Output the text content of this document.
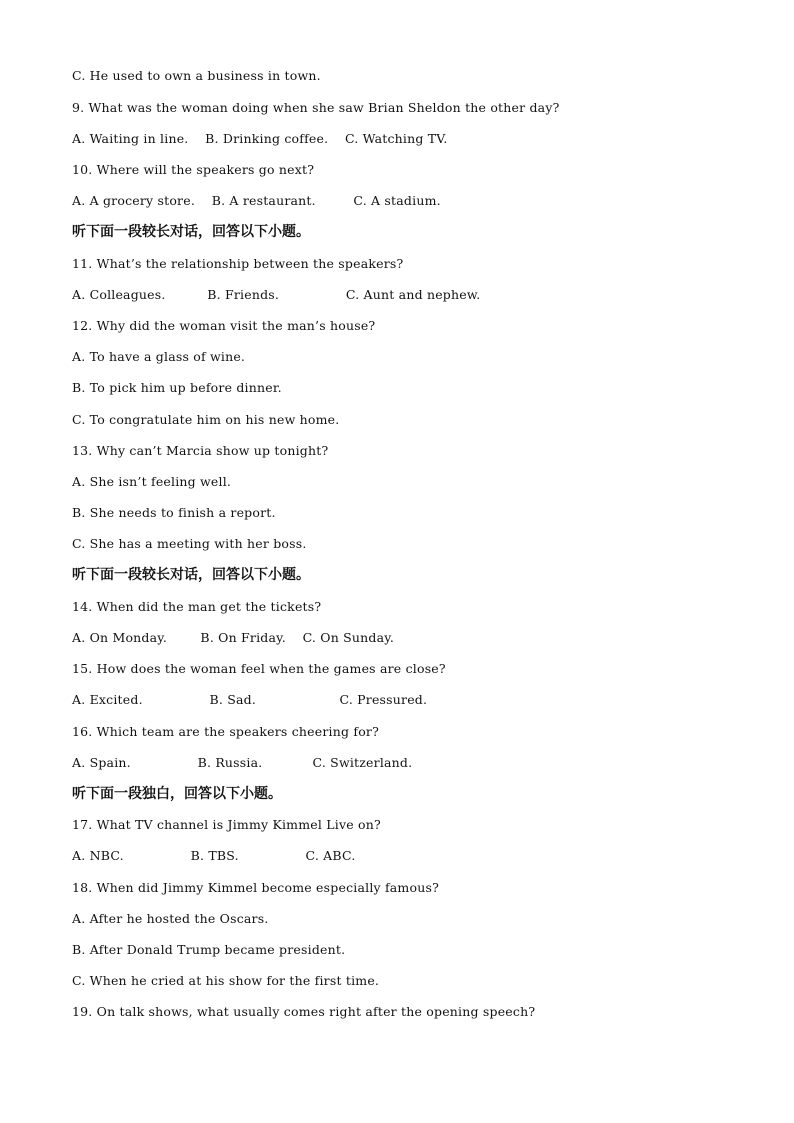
C. He used to own a business in town.
9. What was the woman doing when she saw Brian Sheldon the other day?
A. Waiting in line.    B. Drinking coffee.    C. Watching TV.
10. Where will the speakers go next?
A. A grocery store.    B. A restaurant.         C. A stadium.
听下面一段较长对话，回答以下小题。
11. What’s the relationship between the speakers?
A. Colleagues.          B. Friends.                C. Aunt and nephew.
12. Why did the woman visit the man’s house?
A. To have a glass of wine.
B. To pick him up before dinner.
C. To congratulate him on his new home.
13. Why can’t Marcia show up tonight?
A. She isn’t feeling well.
B. She needs to finish a report.
C. She has a meeting with her boss.
听下面一段较长对话，回答以下小题。
14. When did the man get the tickets?
A. On Monday.        B. On Friday.    C. On Sunday.
15. How does the woman feel when the games are close?
A. Excited.                B. Sad.                    C. Pressured.
16. Which team are the speakers cheering for?
A. Spain.                B. Russia.            C. Switzerland.
听下面一段独白，回答以下小题。
17. What TV channel is Jimmy Kimmel Live on?
A. NBC.                B. TBS.                C. ABC.
18. When did Jimmy Kimmel become especially famous?
A. After he hosted the Oscars.
B. After Donald Trump became president.
C. When he cried at his show for the first time.
19. On talk shows, what usually comes right after the opening speech?
